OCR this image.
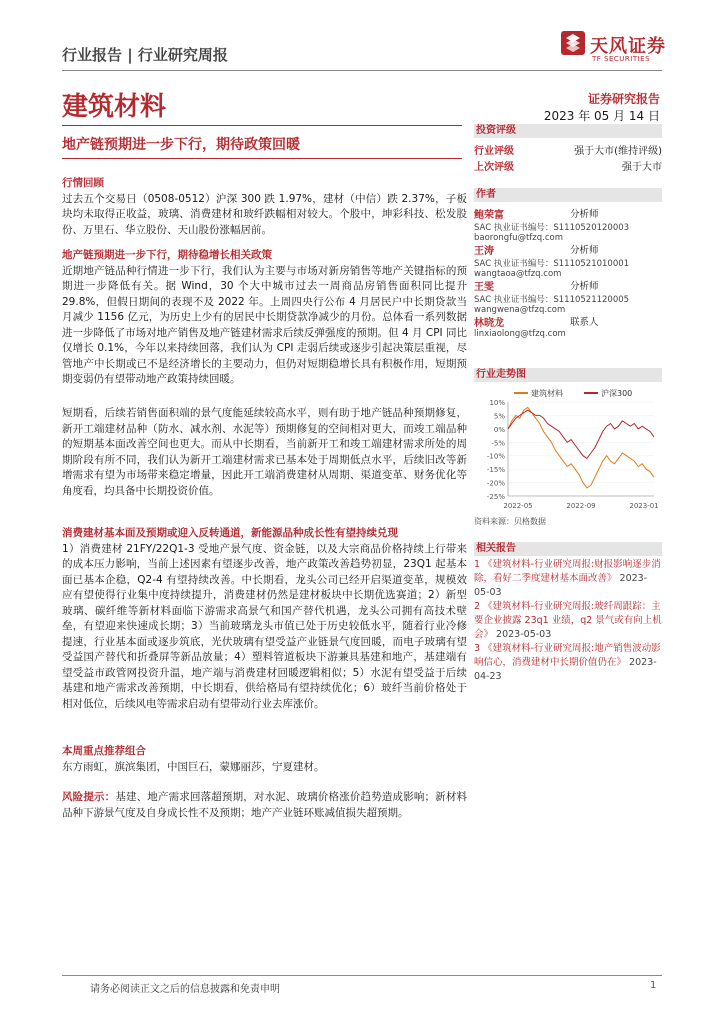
行业报告 | 行业研究周报	天风证券
TF SECURITIES
建筑材料	证券研究报告
2023 年 05 月 14 日
地产链预期进一步下行，期待政策回暖
行情回顾

过去五个交易日（0508-0512）沪深 300 跌 1.97%，建材（中信）跌 2.37%，子板块均未取得正收益，玻璃、消费建材和玻纤跌幅相对较大。个股中，坤彩科技、松发股份、万里石、华立股份、天山股份涨幅居前。

地产链预期进一步下行，期待稳增长相关政策

近期地产链品种行情进一步下行，我们认为主要与市场对新房销售等地产关键指标的预期进一步降低有关。据 Wind，30 个大中城市过去一周商品房销售面积同比提升 29.8%，但假日期间的表现不及 2022 年。上周四央行公布 4 月居民户中长期贷款当月减少 1156 亿元，为历史上少有的居民中长期贷款净减少的月份。总体看一系列数据进一步降低了市场对地产销售及地产链建材需求后续反弹强度的预期。但 4 月 CPI 同比仅增长 0.1%，今年以来持续回落，我们认为 CPI 走弱后续或逐步引起决策层重视，尽管地产中长期或已不是经济增长的主要动力，但仍对短期稳增长具有积极作用，短期预期变弱仍有望带动地产政策持续回暖。

短期看，后续若销售面积端的景气度能延续较高水平，则有助于地产链品种预期修复，新开工端建材品种（防水、减水剂、水泥等）预期修复的空间相对更大，而竣工端品种的短期基本面改善空间也更大。而从中长期看，当前新开工和竣工端建材需求所处的周期阶段有所不同，我们认为新开工端建材需求已基本处于周期低点水平，后续旧改等新增需求有望为市场带来稳定增量，因此开工端消费建材从周期、渠道变革、财务优化等角度看，均具备中长期投资价值。

消费建材基本面及预期或迎入反转通道，新能源品种成长性有望持续兑现

1）消费建材 21FY/22Q1-3 受地产景气度、资金链，以及大宗商品价格持续上行带来的成本压力影响，当前上述因素有望逐步改善，地产政策改善趋势初显，23Q1 起基本面已基本企稳，Q2-4 有望持续改善。中长期看，龙头公司已经开启渠道变革，规模效应有望使得行业集中度持续提升，消费建材仍然是建材板块中长期优选赛道；2）新型玻璃、碳纤维等新材料面临下游需求高景气和国产替代机遇，龙头公司拥有高技术壁垒，有望迎来快速成长期；3）当前玻璃龙头市值已处于历史较低水平，随着行业冷修提速，行业基本面或逐步筑底，光伏玻璃有望受益产业链景气度回暖，而电子玻璃有望受益国产替代和折叠屏等新品放量；4）塑料管道板块下游兼具基建和地产，基建端有望受益市政管网投资升温，地产端与消费建材回暖逻辑相似；5）水泥有望受益于后续基建和地产需求改善预期，中长期看，供给格局有望持续优化；6）玻纤当前价格处于相对低位，后续风电等需求启动有望带动行业去库涨价。

本周重点推荐组合

东方雨虹，旗滨集团，中国巨石，蒙娜丽莎，宁夏建材。

风险提示：基建、地产需求回落超预期，对水泥、玻璃价格涨价趋势造成影响；新材料品种下游景气度及自身成长性不及预期；地产产业链环账减值损失超预期。

投资评级
行业评级	强于大市(维持评级)
上次评级	强于大市
作者
鲍荣富	分析师
SAC 执业证书编号：S1110520120003
baorongfu@tfzq.com
王涛	分析师
SAC 执业证书编号：S1110521010001
wangtaoa@tfzq.com
王雯	分析师
SAC 执业证书编号：S1110521120005
wangwena@tfzq.com
林晓龙	联系人
linxiaolong@tfzq.com
行业走势图
建筑材料	沪深300
10%
5%
0%
-5%
-10%
-15%
-20%
-25%
2022-05	2022-09	2023-01
资料来源：贝格数据
相关报告
1 《建筑材料-行业研究周报:财报影响逐步消除，看好二季度建材基本面改善》 2023-05-03
2 《建筑材料-行业研究周报:玻纤周跟踪：主要企业披露 23q1 业绩，q2 景气或有向上机会》 2023-05-03
3 《建筑材料-行业研究周报:地产销售波动影响信心，消费建材中长期价值仍在》 2023-04-23
请务必阅读正文之后的信息披露和免责申明	1
